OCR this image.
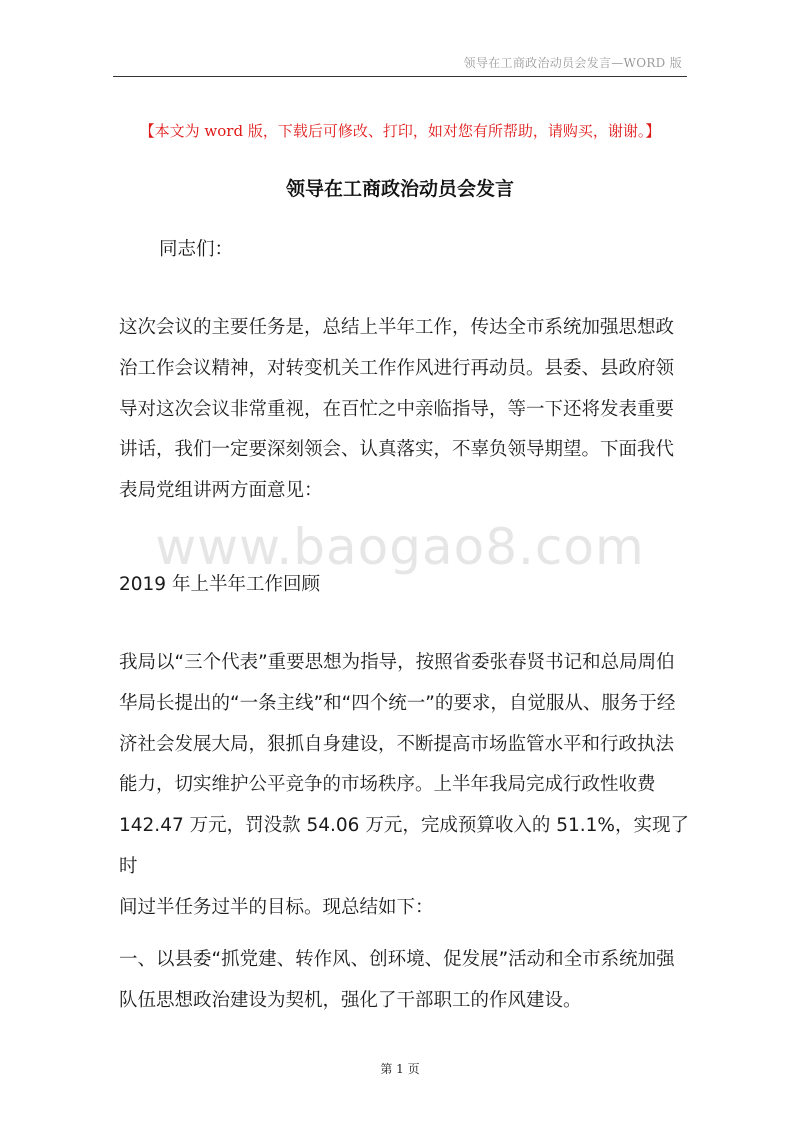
领导在工商政治动员会发言—WORD 版
【本文为 word 版，下载后可修改、打印，如对您有所帮助，请购买，谢谢。】
领导在工商政治动员会发言

同志们：

这次会议的主要任务是，总结上半年工作，传达全市系统加强思想政
治工作会议精神，对转变机关工作作风进行再动员。县委、县政府领
导对这次会议非常重视，在百忙之中亲临指导，等一下还将发表重要
讲话，我们一定要深刻领会、认真落实，不辜负领导期望。下面我代
表局党组讲两方面意见：

www.baogao8.com

2019 年上半年工作回顾

我局以“三个代表”重要思想为指导，按照省委张春贤书记和总局周伯
华局长提出的“一条主线”和“四个统一”的要求，自觉服从、服务于经
济社会发展大局，狠抓自身建设，不断提高市场监管水平和行政执法
能力，切实维护公平竞争的市场秩序。上半年我局完成行政性收费
142.47 万元，罚没款 54.06 万元，完成预算收入的 51.1%，实现了时
间过半任务过半的目标。现总结如下：

一、以县委“抓党建、转作风、创环境、促发展”活动和全市系统加强
队伍思想政治建设为契机，强化了干部职工的作风建设。

第 1 页
